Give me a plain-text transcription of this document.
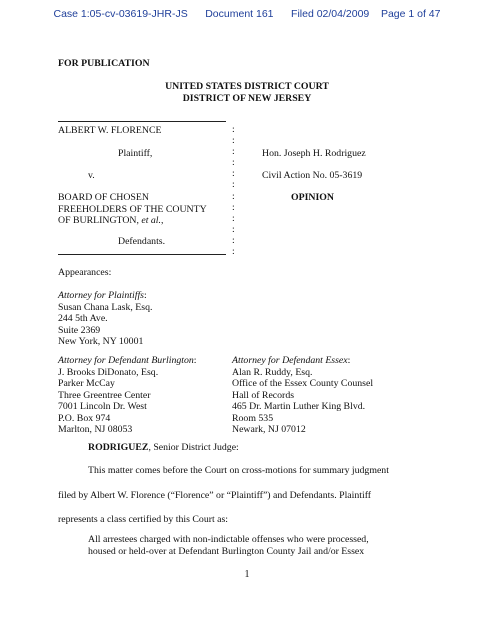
Case 1:05-cv-03619-JHR-JS Document 161 Filed 02/04/2009 Page 1 of 47
FOR PUBLICATION
UNITED STATES DISTRICT COURT
DISTRICT OF NEW JERSEY
ALBERT W. FLORENCE
Plaintiff,
v.
BOARD OF CHOSEN
FREEHOLDERS OF THE COUNTY
OF BURLINGTON, et al.,
Defendants.
:
:
:
:
:
:
:
:
:
:
:
:
Hon. Joseph H. Rodriguez
Civil Action No. 05-3619
OPINION
Appearances:
Attorney for Plaintiffs:
Susan Chana Lask, Esq.
244 5th Ave.
Suite 2369
New York, NY 10001
Attorney for Defendant Burlington:
J. Brooks DiDonato, Esq.
Parker McCay
Three Greentree Center
7001 Lincoln Dr. West
P.O. Box 974
Marlton, NJ 08053
Attorney for Defendant Essex:
Alan R. Ruddy, Esq.
Office of the Essex County Counsel
Hall of Records
465 Dr. Martin Luther King Blvd.
Room 535
Newark, NJ 07012
RODRIGUEZ, Senior District Judge:
This matter comes before the Court on cross-motions for summary judgment
filed by Albert W. Florence (“Florence” or “Plaintiff”) and Defendants. Plaintiff
represents a class certified by this Court as:
All arrestees charged with non-indictable offenses who were processed,
housed or held-over at Defendant Burlington County Jail and/or Essex
1
